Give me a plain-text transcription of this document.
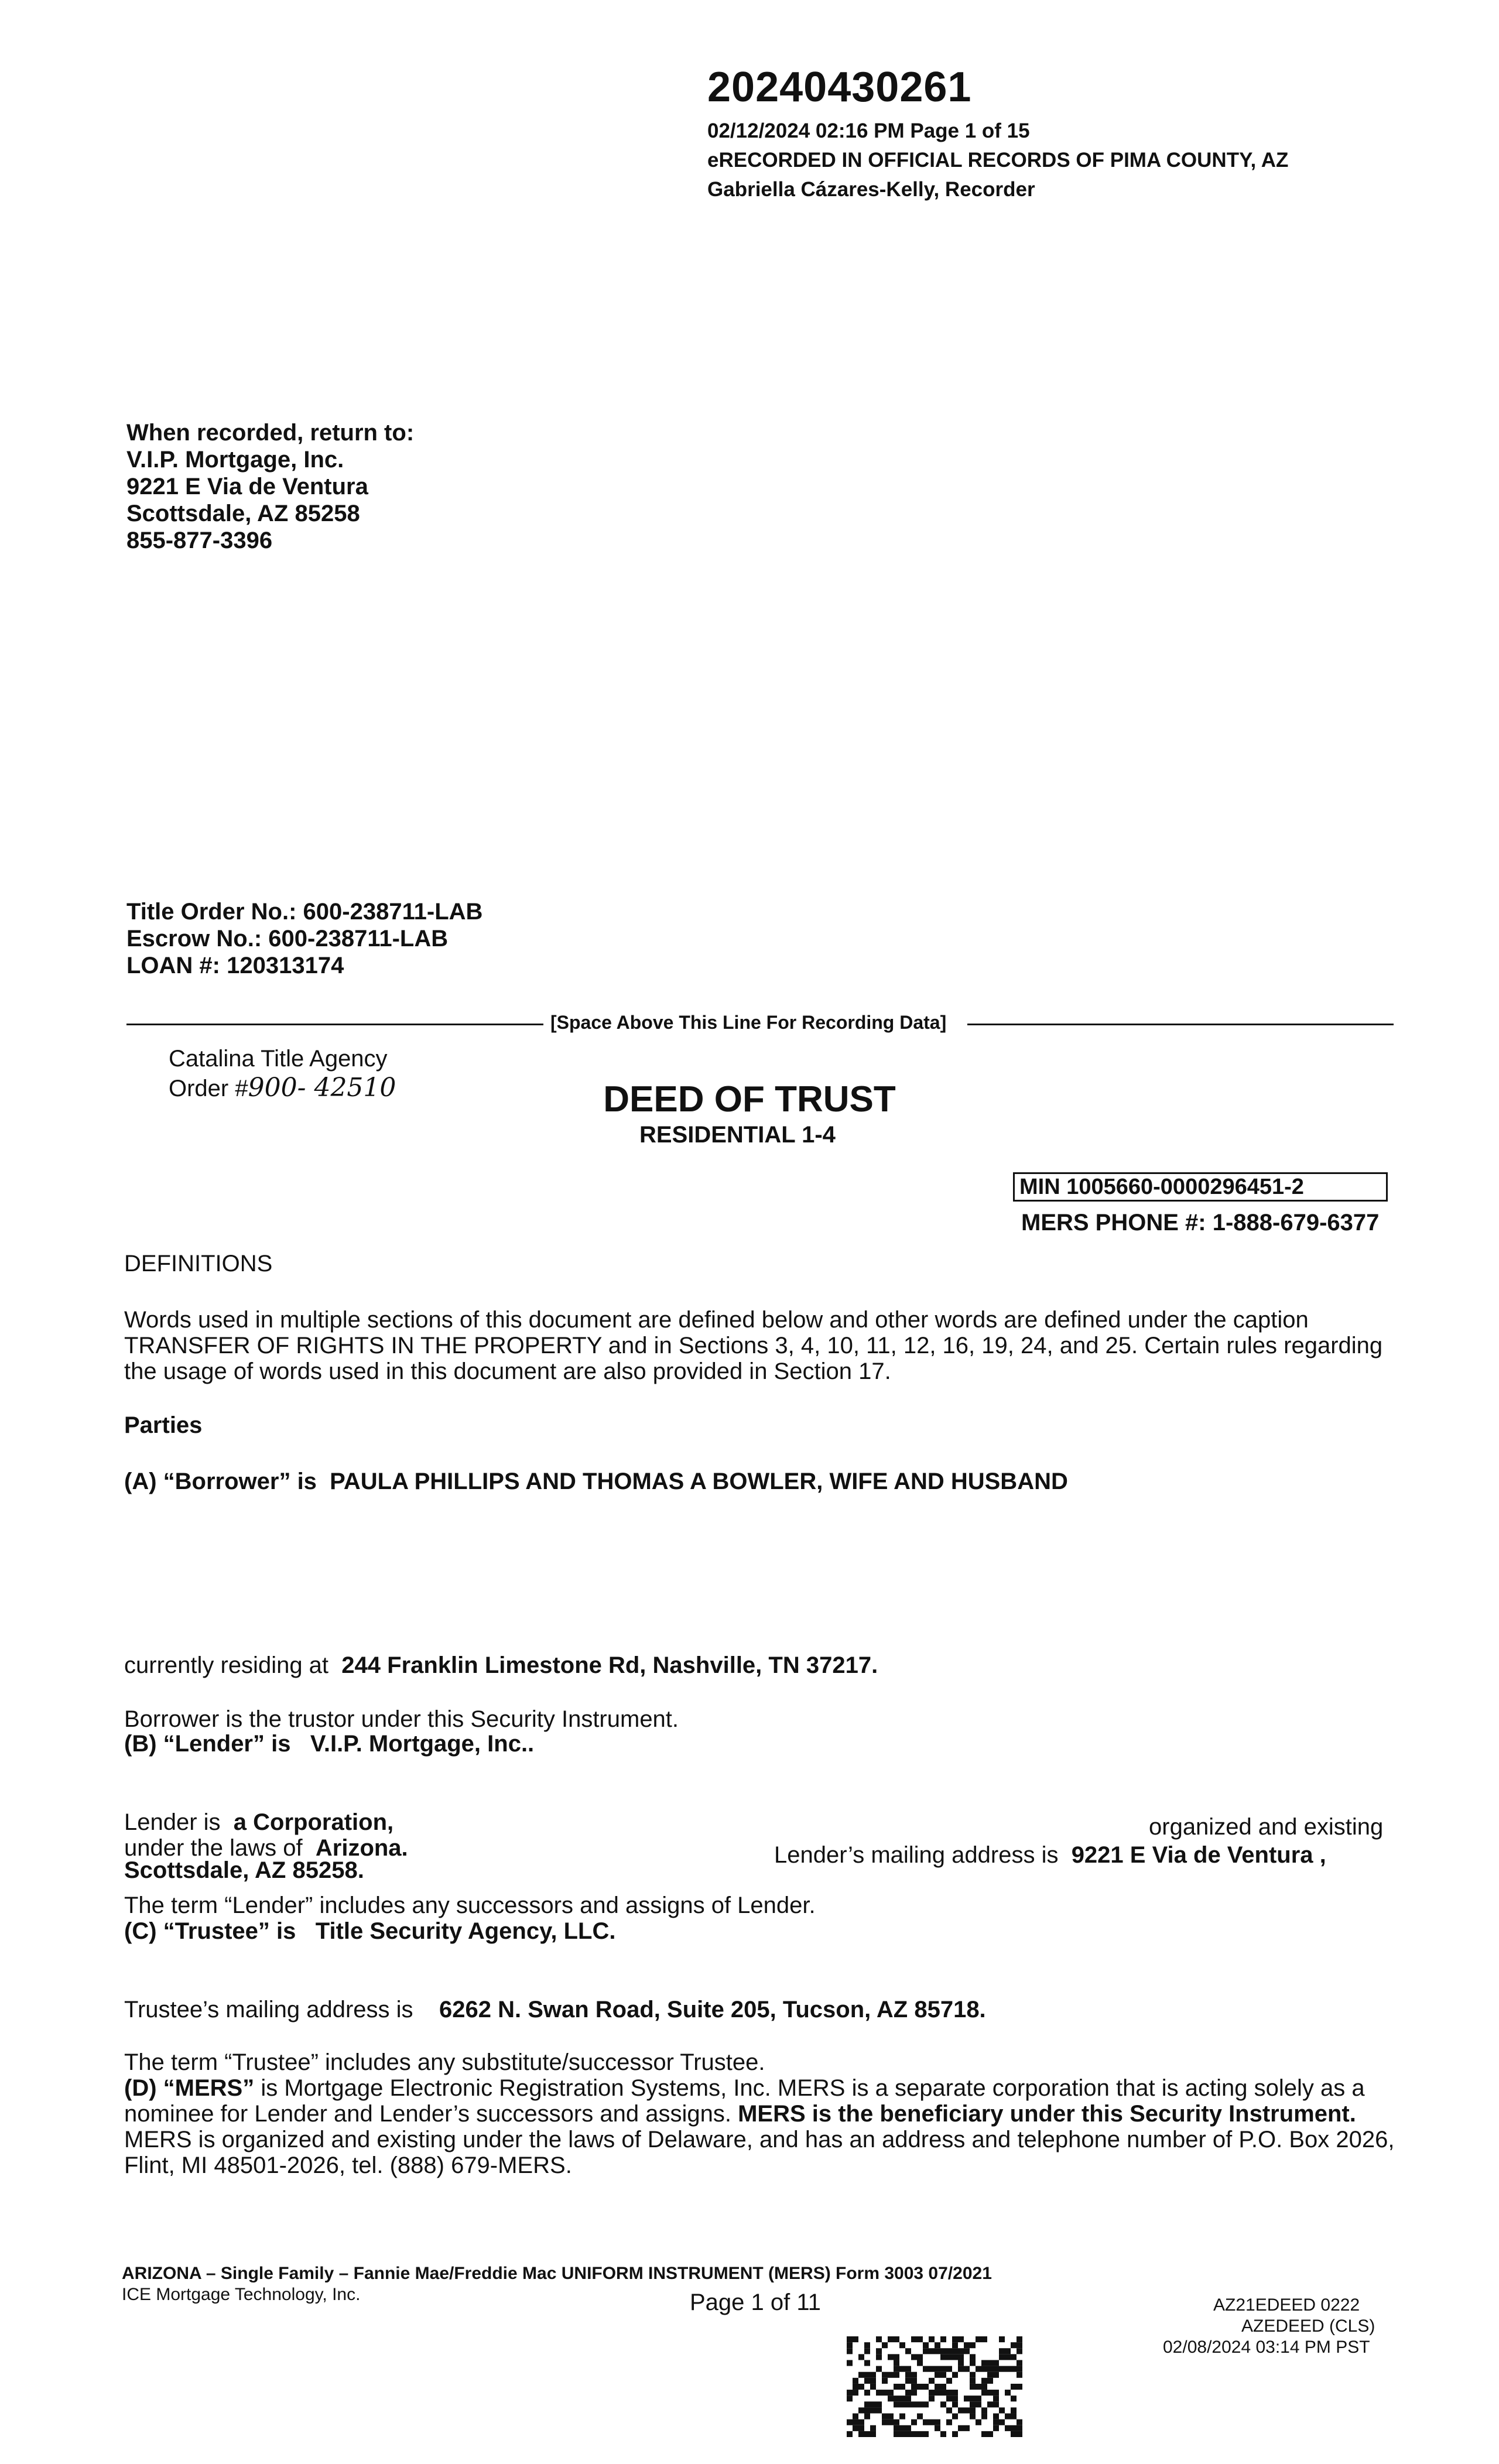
20240430261
02/12/2024 02:16 PM Page 1 of 15
eRECORDED IN OFFICIAL RECORDS OF PIMA COUNTY, AZ
Gabriella Cázares-Kelly, Recorder
When recorded, return to:
V.I.P. Mortgage, Inc.
9221 E Via de Ventura
Scottsdale, AZ 85258
855-877-3396
Title Order No.: 600-238711-LAB
Escrow No.: 600-238711-LAB
LOAN #: 120313174
[Space Above This Line For Recording Data]
Catalina Title Agency
Order #900- 42510	DEED OF TRUST
RESIDENTIAL 1-4
MIN 1005660-0000296451-2
MERS PHONE #: 1-888-679-6377
DEFINITIONS
Words used in multiple sections of this document are defined below and other words are defined under the caption
TRANSFER OF RIGHTS IN THE PROPERTY and in Sections 3, 4, 10, 11, 12, 16, 19, 24, and 25. Certain rules regarding
the usage of words used in this document are also provided in Section 17.
Parties
(A) “Borrower” is PAULA PHILLIPS AND THOMAS A BOWLER, WIFE AND HUSBAND
currently residing at 244 Franklin Limestone Rd, Nashville, TN 37217.
Borrower is the trustor under this Security Instrument.
(B) “Lender” is V.I.P. Mortgage, Inc..
Lender is a Corporation,	organized and existing
under the laws of Arizona.	Lender’s mailing address is 9221 E Via de Ventura ,
Scottsdale, AZ 85258.
The term “Lender” includes any successors and assigns of Lender.
(C) “Trustee” is Title Security Agency, LLC.
Trustee’s mailing address is 6262 N. Swan Road, Suite 205, Tucson, AZ 85718.
The term “Trustee” includes any substitute/successor Trustee.
(D) “MERS” is Mortgage Electronic Registration Systems, Inc. MERS is a separate corporation that is acting solely as a
nominee for Lender and Lender’s successors and assigns. MERS is the beneficiary under this Security Instrument.
MERS is organized and existing under the laws of Delaware, and has an address and telephone number of P.O. Box 2026,
Flint, MI 48501-2026, tel. (888) 679-MERS.
ARIZONA – Single Family – Fannie Mae/Freddie Mac UNIFORM INSTRUMENT (MERS) Form 3003 07/2021
ICE Mortgage Technology, Inc.	Page 1 of 11	AZ21EDEED 0222
AZEDEED (CLS)
02/08/2024 03:14 PM PST
